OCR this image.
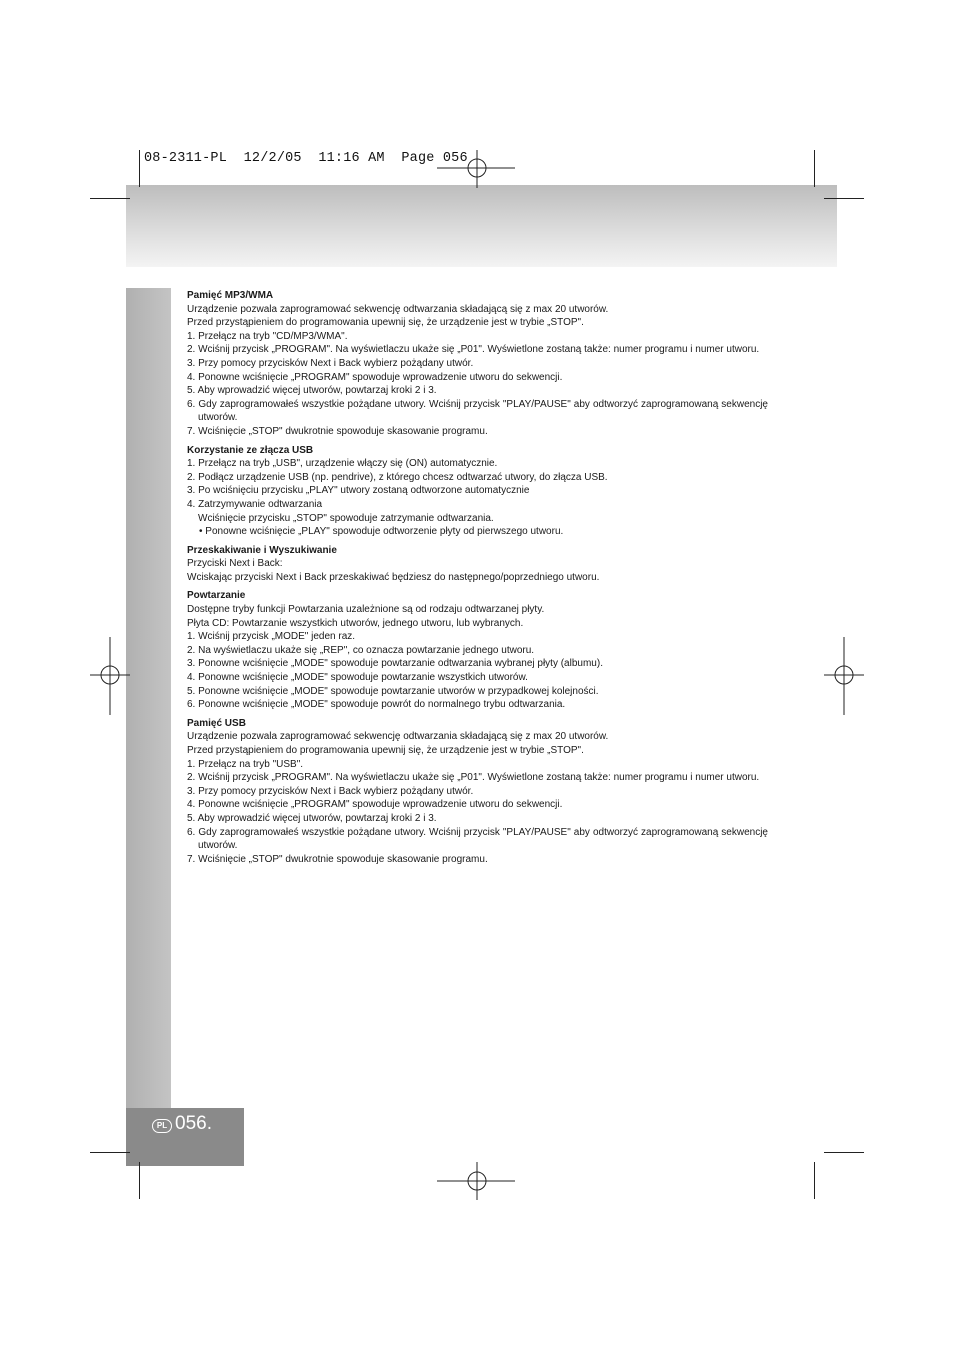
08-2311-PL  12/2/05  11:16 AM  Page 056
PL 056.
Pamięć MP3/WMA

Urządzenie pozwala zaprogramować sekwencję odtwarzania składającą się z max 20 utworów.

Przed przystąpieniem do programowania upewnij się, że urządzenie jest w trybie „STOP".

1. Przełącz na tryb "CD/MP3/WMA".

2. Wciśnij przycisk „PROGRAM". Na wyświetlaczu ukaże się „P01". Wyświetlone zostaną także: numer programu i numer utworu.

3. Przy pomocy przycisków Next i Back wybierz pożądany utwór.

4. Ponowne wciśnięcie „PROGRAM" spowoduje wprowadzenie utworu do sekwencji.

5. Aby wprowadzić więcej utworów, powtarzaj kroki 2 i 3.

6. Gdy zaprogramowałeś wszystkie pożądane utwory. Wciśnij przycisk "PLAY/PAUSE" aby odtworzyć zaprogramowaną sekwencję utworów.

7. Wciśnięcie „STOP" dwukrotnie spowoduje skasowanie programu.

Korzystanie ze złącza USB

1. Przełącz na tryb „USB", urządzenie włączy się (ON) automatycznie.

2. Podłącz urządzenie USB (np. pendrive), z którego chcesz odtwarzać utwory, do złącza USB.

3. Po wciśnięciu przycisku „PLAY" utwory zostaną odtworzone automatycznie

4. Zatrzymywanie odtwarzania

Wciśnięcie przycisku „STOP" spowoduje zatrzymanie odtwarzania.

• Ponowne wciśnięcie „PLAY" spowoduje odtworzenie płyty od pierwszego utworu.

Przeskakiwanie i Wyszukiwanie

Przyciski Next i Back:

Wciskając przyciski Next i Back przeskakiwać będziesz do następnego/poprzedniego utworu.

Powtarzanie

Dostępne tryby funkcji Powtarzania uzależnione są od rodzaju odtwarzanej płyty.

Płyta CD: Powtarzanie wszystkich utworów, jednego utworu, lub wybranych.

1. Wciśnij przycisk „MODE" jeden raz.

2. Na wyświetlaczu ukaże się „REP", co oznacza powtarzanie jednego utworu.

3. Ponowne wciśnięcie „MODE" spowoduje powtarzanie odtwarzania wybranej płyty (albumu).

4. Ponowne wciśnięcie „MODE" spowoduje powtarzanie wszystkich utworów.

5. Ponowne wciśnięcie „MODE" spowoduje powtarzanie utworów w przypadkowej kolejności.

6. Ponowne wciśnięcie „MODE" spowoduje powrót do normalnego trybu odtwarzania.

Pamięć USB

Urządzenie pozwala zaprogramować sekwencję odtwarzania składającą się z max 20 utworów.

Przed przystąpieniem do programowania upewnij się, że urządzenie jest w trybie „STOP".

1. Przełącz na tryb "USB".

2. Wciśnij przycisk „PROGRAM". Na wyświetlaczu ukaże się „P01". Wyświetlone zostaną także: numer programu i numer utworu.

3. Przy pomocy przycisków Next i Back wybierz pożądany utwór.

4. Ponowne wciśnięcie „PROGRAM" spowoduje wprowadzenie utworu do sekwencji.

5. Aby wprowadzić więcej utworów, powtarzaj kroki 2 i 3.

6. Gdy zaprogramowałeś wszystkie pożądane utwory. Wciśnij przycisk "PLAY/PAUSE" aby odtworzyć zaprogramowaną sekwencję utworów.

7. Wciśnięcie „STOP" dwukrotnie spowoduje skasowanie programu.
